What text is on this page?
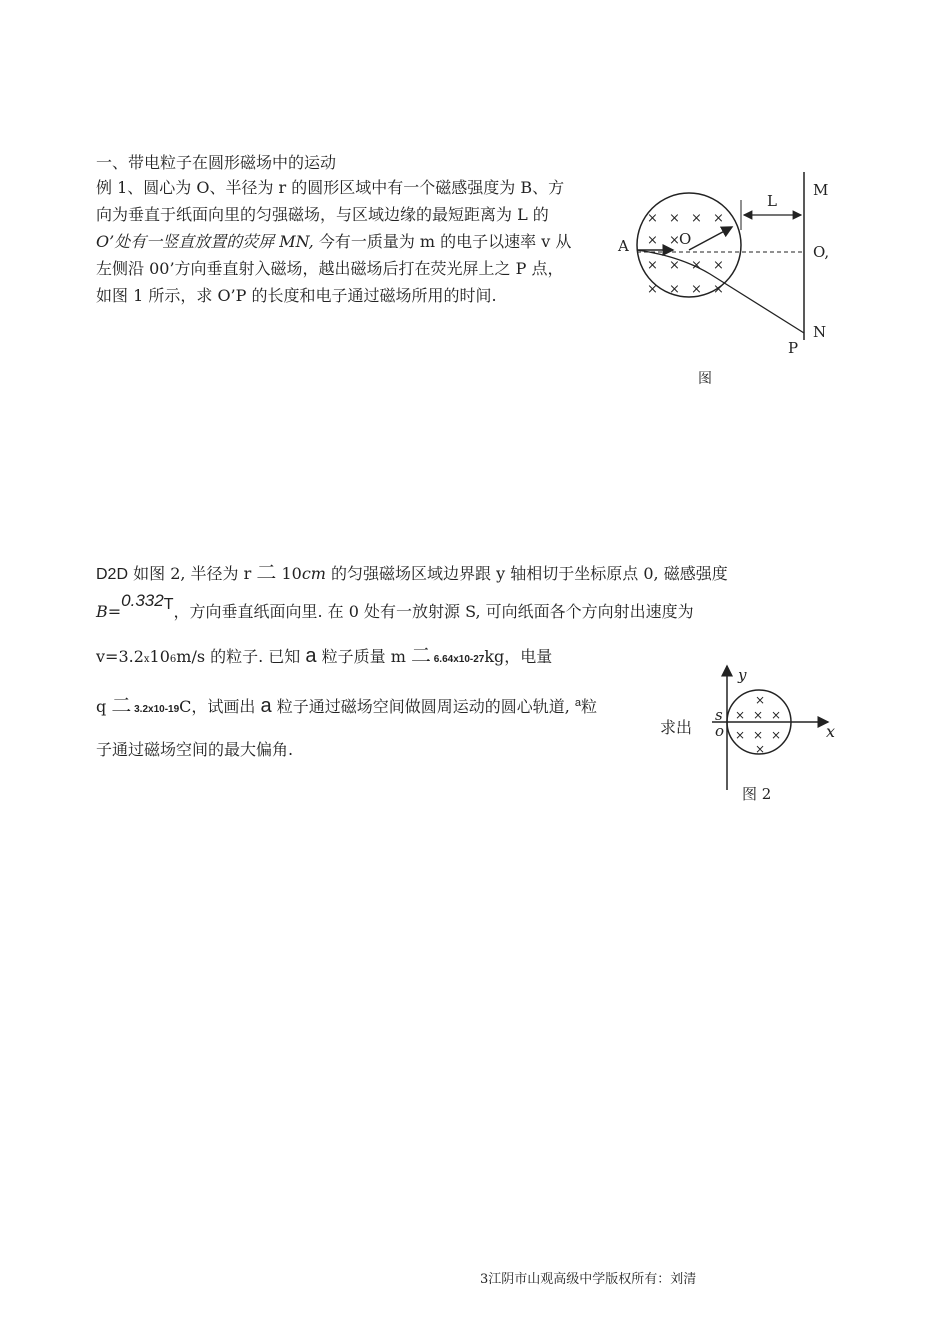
一、带电粒子在圆形磁场中的运动
例 1、圆心为 O、半径为 r 的圆形区域中有一个磁感强度为 B、方
向为垂直于纸面向里的匀强磁场，与区域边缘的最短距离为 L 的
O’处有一竖直放置的荧屏 MN, 今有一质量为 m 的电子以速率 v 从
左侧沿 00’方向垂直射入磁场，越出磁场后打在荧光屏上之 P 点，
如图 1 所示，求 O’P 的长度和电子通过磁场所用的时间.
× × × ×
× ×
× × × ×
× × × ×
A	O
L
M
O,
N
P
图
D2D 如图 2, 半径为 r 二 10cm 的匀强磁场区域边界跟 y 轴相切于坐标原点 0, 磁感强度
B=0.332T，方向垂直纸面向里. 在 0 处有一放射源 S, 可向纸面各个方向射出速度为
v=3.2x106m/s 的粒子. 已知 a 粒子质量 m 二 6.64x10-27kg，电量
q 二 3.2x10-19C，试画出 a 粒子通过磁场空间做圆周运动的圆心轨道, $^a$粒
子通过磁场空间的最大偏角.
求出
×
× × ×
× × ×
×
y
x
s
o
图 2
3江阴市山观高级中学版权所有：刘清
